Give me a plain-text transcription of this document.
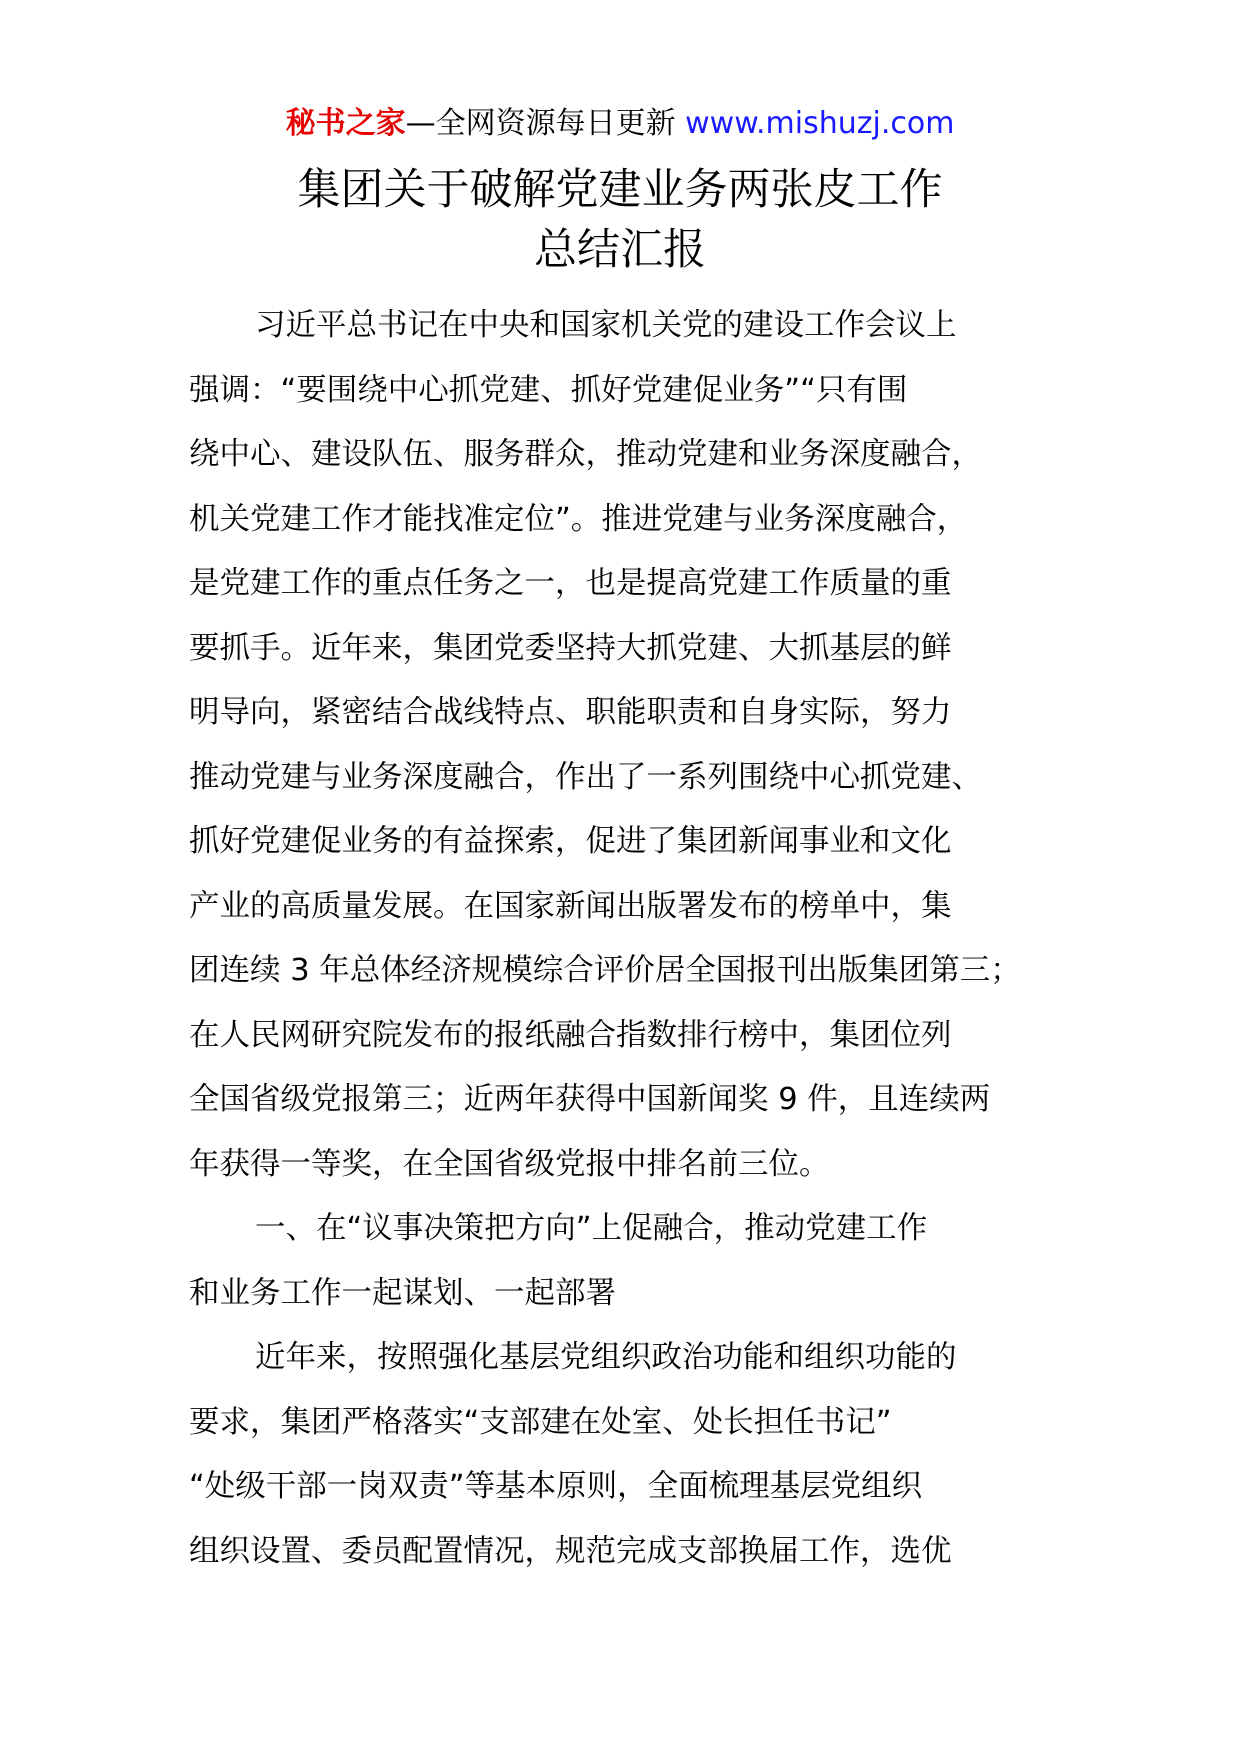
秘书之家—全网资源每日更新 www.mishuzj.com
集团关于破解党建业务两张皮工作
总结汇报
习近平总书记在中央和国家机关党的建设工作会议上
强调：“要围绕中心抓党建、抓好党建促业务”“只有围
绕中心、建设队伍、服务群众，推动党建和业务深度融合，
机关党建工作才能找准定位”。推进党建与业务深度融合，
是党建工作的重点任务之一，也是提高党建工作质量的重
要抓手。近年来，集团党委坚持大抓党建、大抓基层的鲜
明导向，紧密结合战线特点、职能职责和自身实际，努力
推动党建与业务深度融合，作出了一系列围绕中心抓党建、
抓好党建促业务的有益探索，促进了集团新闻事业和文化
产业的高质量发展。在国家新闻出版署发布的榜单中，集
团连续 3 年总体经济规模综合评价居全国报刊出版集团第三；
在人民网研究院发布的报纸融合指数排行榜中，集团位列
全国省级党报第三；近两年获得中国新闻奖 9 件，且连续两
年获得一等奖，在全国省级党报中排名前三位。
一、在“议事决策把方向”上促融合，推动党建工作
和业务工作一起谋划、一起部署
近年来，按照强化基层党组织政治功能和组织功能的
要求，集团严格落实“支部建在处室、处长担任书记”
“处级干部一岗双责”等基本原则，全面梳理基层党组织
组织设置、委员配置情况，规范完成支部换届工作，选优
